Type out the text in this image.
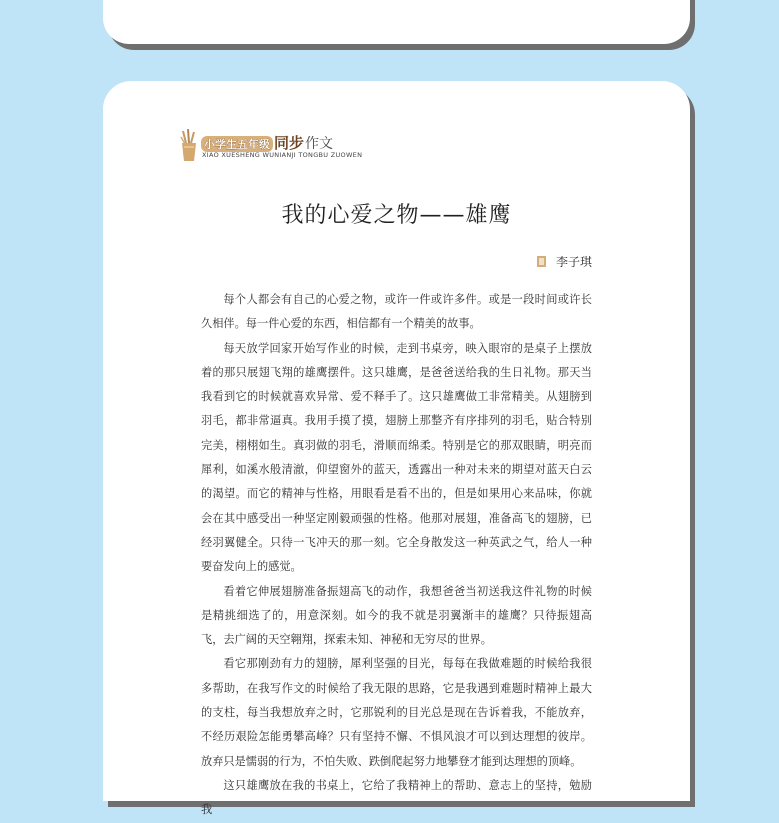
小学生五年级 同步作文
XIAO XUESHENG WUNIANJI TONGBU ZUOWEN
我的心爱之物——雄鹰
李子琪

每个人都会有自己的心爱之物，或许一件或许多件。或是一段时间或许长久相伴。每一件心爱的东西，相信都有一个精美的故事。

每天放学回家开始写作业的时候，走到书桌旁，映入眼帘的是桌子上摆放着的那只展翅飞翔的雄鹰摆件。这只雄鹰，是爸爸送给我的生日礼物。那天当我看到它的时候就喜欢异常、爱不释手了。这只雄鹰做工非常精美。从翅膀到羽毛，都非常逼真。我用手摸了摸，翅膀上那整齐有序排列的羽毛，贴合特别完美，栩栩如生。真羽做的羽毛，滑顺而绵柔。特别是它的那双眼睛，明亮而犀利，如溪水般清澈，仰望窗外的蓝天，透露出一种对未来的期望对蓝天白云的渴望。而它的精神与性格，用眼看是看不出的，但是如果用心来品味，你就会在其中感受出一种坚定刚毅顽强的性格。他那对展翅，准备高飞的翅膀，已经羽翼健全。只待一飞冲天的那一刻。它全身散发这一种英武之气，给人一种要奋发向上的感觉。

看着它伸展翅膀准备振翅高飞的动作，我想爸爸当初送我这件礼物的时候是精挑细选了的，用意深刻。如今的我不就是羽翼渐丰的雄鹰？只待振翅高飞，去广阔的天空翱翔，探索未知、神秘和无穷尽的世界。

看它那刚劲有力的翅膀，犀利坚强的目光，每每在我做难题的时候给我很多帮助，在我写作文的时候给了我无限的思路，它是我遇到难题时精神上最大的支柱，每当我想放弃之时，它那锐利的目光总是现在告诉着我，不能放弃，不经历艰险怎能勇攀高峰？只有坚持不懈、不惧风浪才可以到达理想的彼岸。放弃只是懦弱的行为，不怕失败、跌倒爬起努力地攀登才能到达理想的顶峰。

这只雄鹰放在我的书桌上，它给了我精神上的帮助、意志上的坚持，勉励我
